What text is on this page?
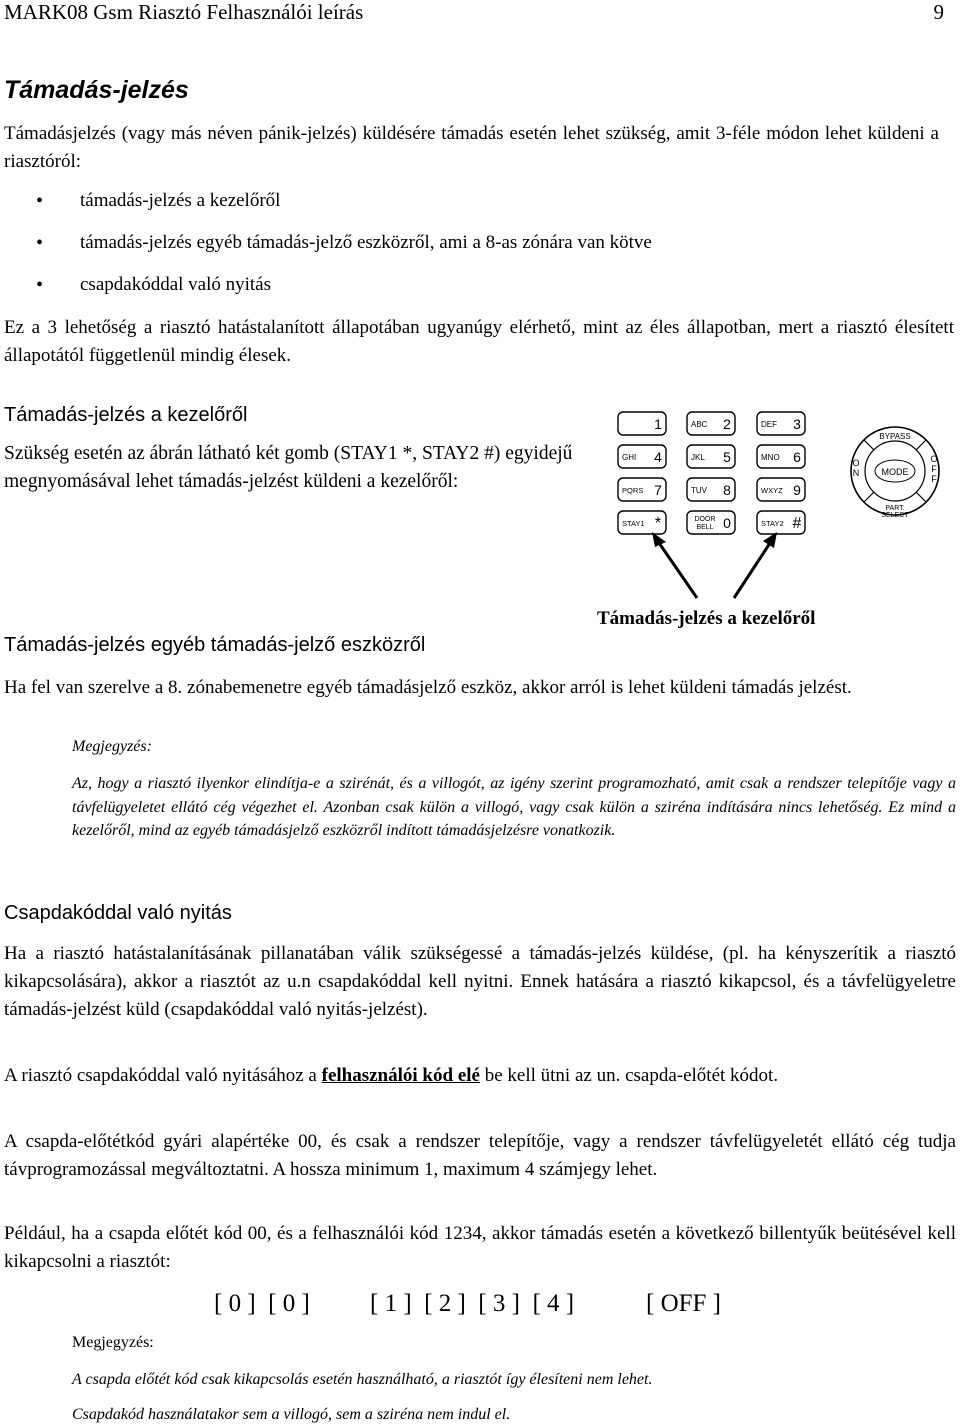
MARK08 Gsm Riasztó Felhasználói leírás	9
Támadás-jelzés
Támadásjelzés (vagy más néven pánik-jelzés) küldésére támadás esetén lehet szükség, amit 3-féle módon lehet küldeni a riasztóról:
• támadás-jelzés a kezelőről
• támadás-jelzés egyéb támadás-jelző eszközről, ami a 8-as zónára van kötve
• csapdakóddal való nyitás
Ez a 3 lehetőség a riasztó hatástalanított állapotában ugyanúgy elérhető, mint az éles állapotban, mert a riasztó élesített állapotától függetlenül mindig élesek.
Támadás-jelzés a kezelőről
Szükség esetén az ábrán látható két gomb (STAY1 *, STAY2 #) egyidejű megnyomásával lehet támadás-jelzést küldeni a kezelőről:
1	ABC 2	DEF 3
GHI 4	JKL 5	MNO 6
PQRS 7	TUV 8	WXYZ 9
STAY1 *	DOOR
BELL 0	STAY2 #
BYPASS
MODE
O N
O F F
PART. SELECT
Támadás-jelzés a kezelőről
Támadás-jelzés egyéb támadás-jelző eszközről
Ha fel van szerelve a 8. zónabemenetre egyéb támadásjelző eszköz, akkor arról is lehet küldeni támadás jelzést.
Megjegyzés:
Az, hogy a riasztó ilyenkor elindítja-e a szirénát, és a villogót, az igény szerint programozható, amit csak a rendszer telepítője vagy a távfelügyeletet ellátó cég végezhet el. Azonban csak külön a villogó, vagy csak külön a sziréna indítására nincs lehetőség. Ez mind a kezelőről, mind az egyéb támadásjelző eszközről indított támadásjelzésre vonatkozik.
Csapdakóddal való nyitás
Ha a riasztó hatástalanításának pillanatában válik szükségessé a támadás-jelzés küldése, (pl. ha kényszerítik a riasztó kikapcsolására), akkor a riasztót az u.n csapdakóddal kell nyitni. Ennek hatására a riasztó kikapcsol, és a távfelügyeletre támadás-jelzést küld (csapdakóddal való nyitás-jelzést).
A riasztó csapdakóddal való nyitásához a felhasználói kód elé be kell ütni az un. csapda-előtét kódot.
A csapda-előtétkód gyári alapértéke 00, és csak a rendszer telepítője, vagy a rendszer távfelügyeletét ellátó cég tudja távprogramozással megváltoztatni. A hossza minimum 1, maximum 4 számjegy lehet.
Például, ha a csapda előtét kód 00, és a felhasználói kód 1234, akkor támadás esetén a következő billentyűk beütésével kell kikapcsolni a riasztót:
[ 0 ]  [ 0 ] [ 1 ]  [ 2 ]  [ 3 ]  [ 4 ]	[ OFF ]
Megjegyzés:
A csapda előtét kód csak kikapcsolás esetén használható, a riasztót így élesíteni nem lehet.
Csapdakód használatakor sem a villogó, sem a sziréna nem indul el.
